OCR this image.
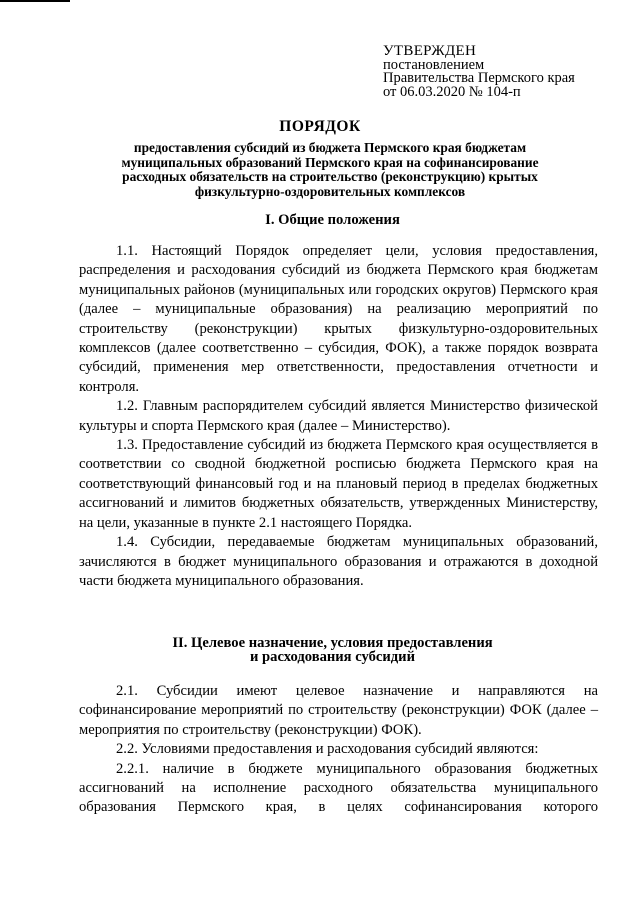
УТВЕРЖДЕН
постановлением
Правительства Пермского края
от 06.03.2020 № 104-п
ПОРЯДОК
предоставления субсидий из бюджета Пермского края бюджетам муниципальных образований Пермского края на софинансирование расходных обязательств на строительство (реконструкцию) крытых физкультурно-оздоровительных комплексов
I. Общие положения

1.1. Настоящий Порядок определяет цели, условия предоставления, распределения и расходования субсидий из бюджета Пермского края бюджетам муниципальных районов (муниципальных или городских округов) Пермского края (далее – муниципальные образования) на реализацию мероприятий по строительству (реконструкции) крытых физкультурно-оздоровительных комплексов (далее соответственно – субсидия, ФОК), а также порядок возврата субсидий, применения мер ответственности, предоставления отчетности и контроля.

1.2. Главным распорядителем субсидий является Министерство физической культуры и спорта Пермского края (далее – Министерство).

1.3. Предоставление субсидий из бюджета Пермского края осуществляется в соответствии со сводной бюджетной росписью бюджета Пермского края на соответствующий финансовый год и на плановый период в пределах бюджетных ассигнований и лимитов бюджетных обязательств, утвержденных Министерству, на цели, указанные в пункте 2.1 настоящего Порядка.

1.4. Субсидии, передаваемые бюджетам муниципальных образований, зачисляются в бюджет муниципального образования и отражаются в доходной части бюджета муниципального образования.

II. Целевое назначение, условия предоставления
и расходования субсидий

2.1. Субсидии имеют целевое назначение и направляются на софинансирование мероприятий по строительству (реконструкции) ФОК (далее – мероприятия по строительству (реконструкции) ФОК).

2.2. Условиями предоставления и расходования субсидий являются:

2.2.1. наличие в бюджете муниципального образования бюджетных ассигнований на исполнение расходного обязательства муниципального образования Пермского края, в целях софинансирования которого
